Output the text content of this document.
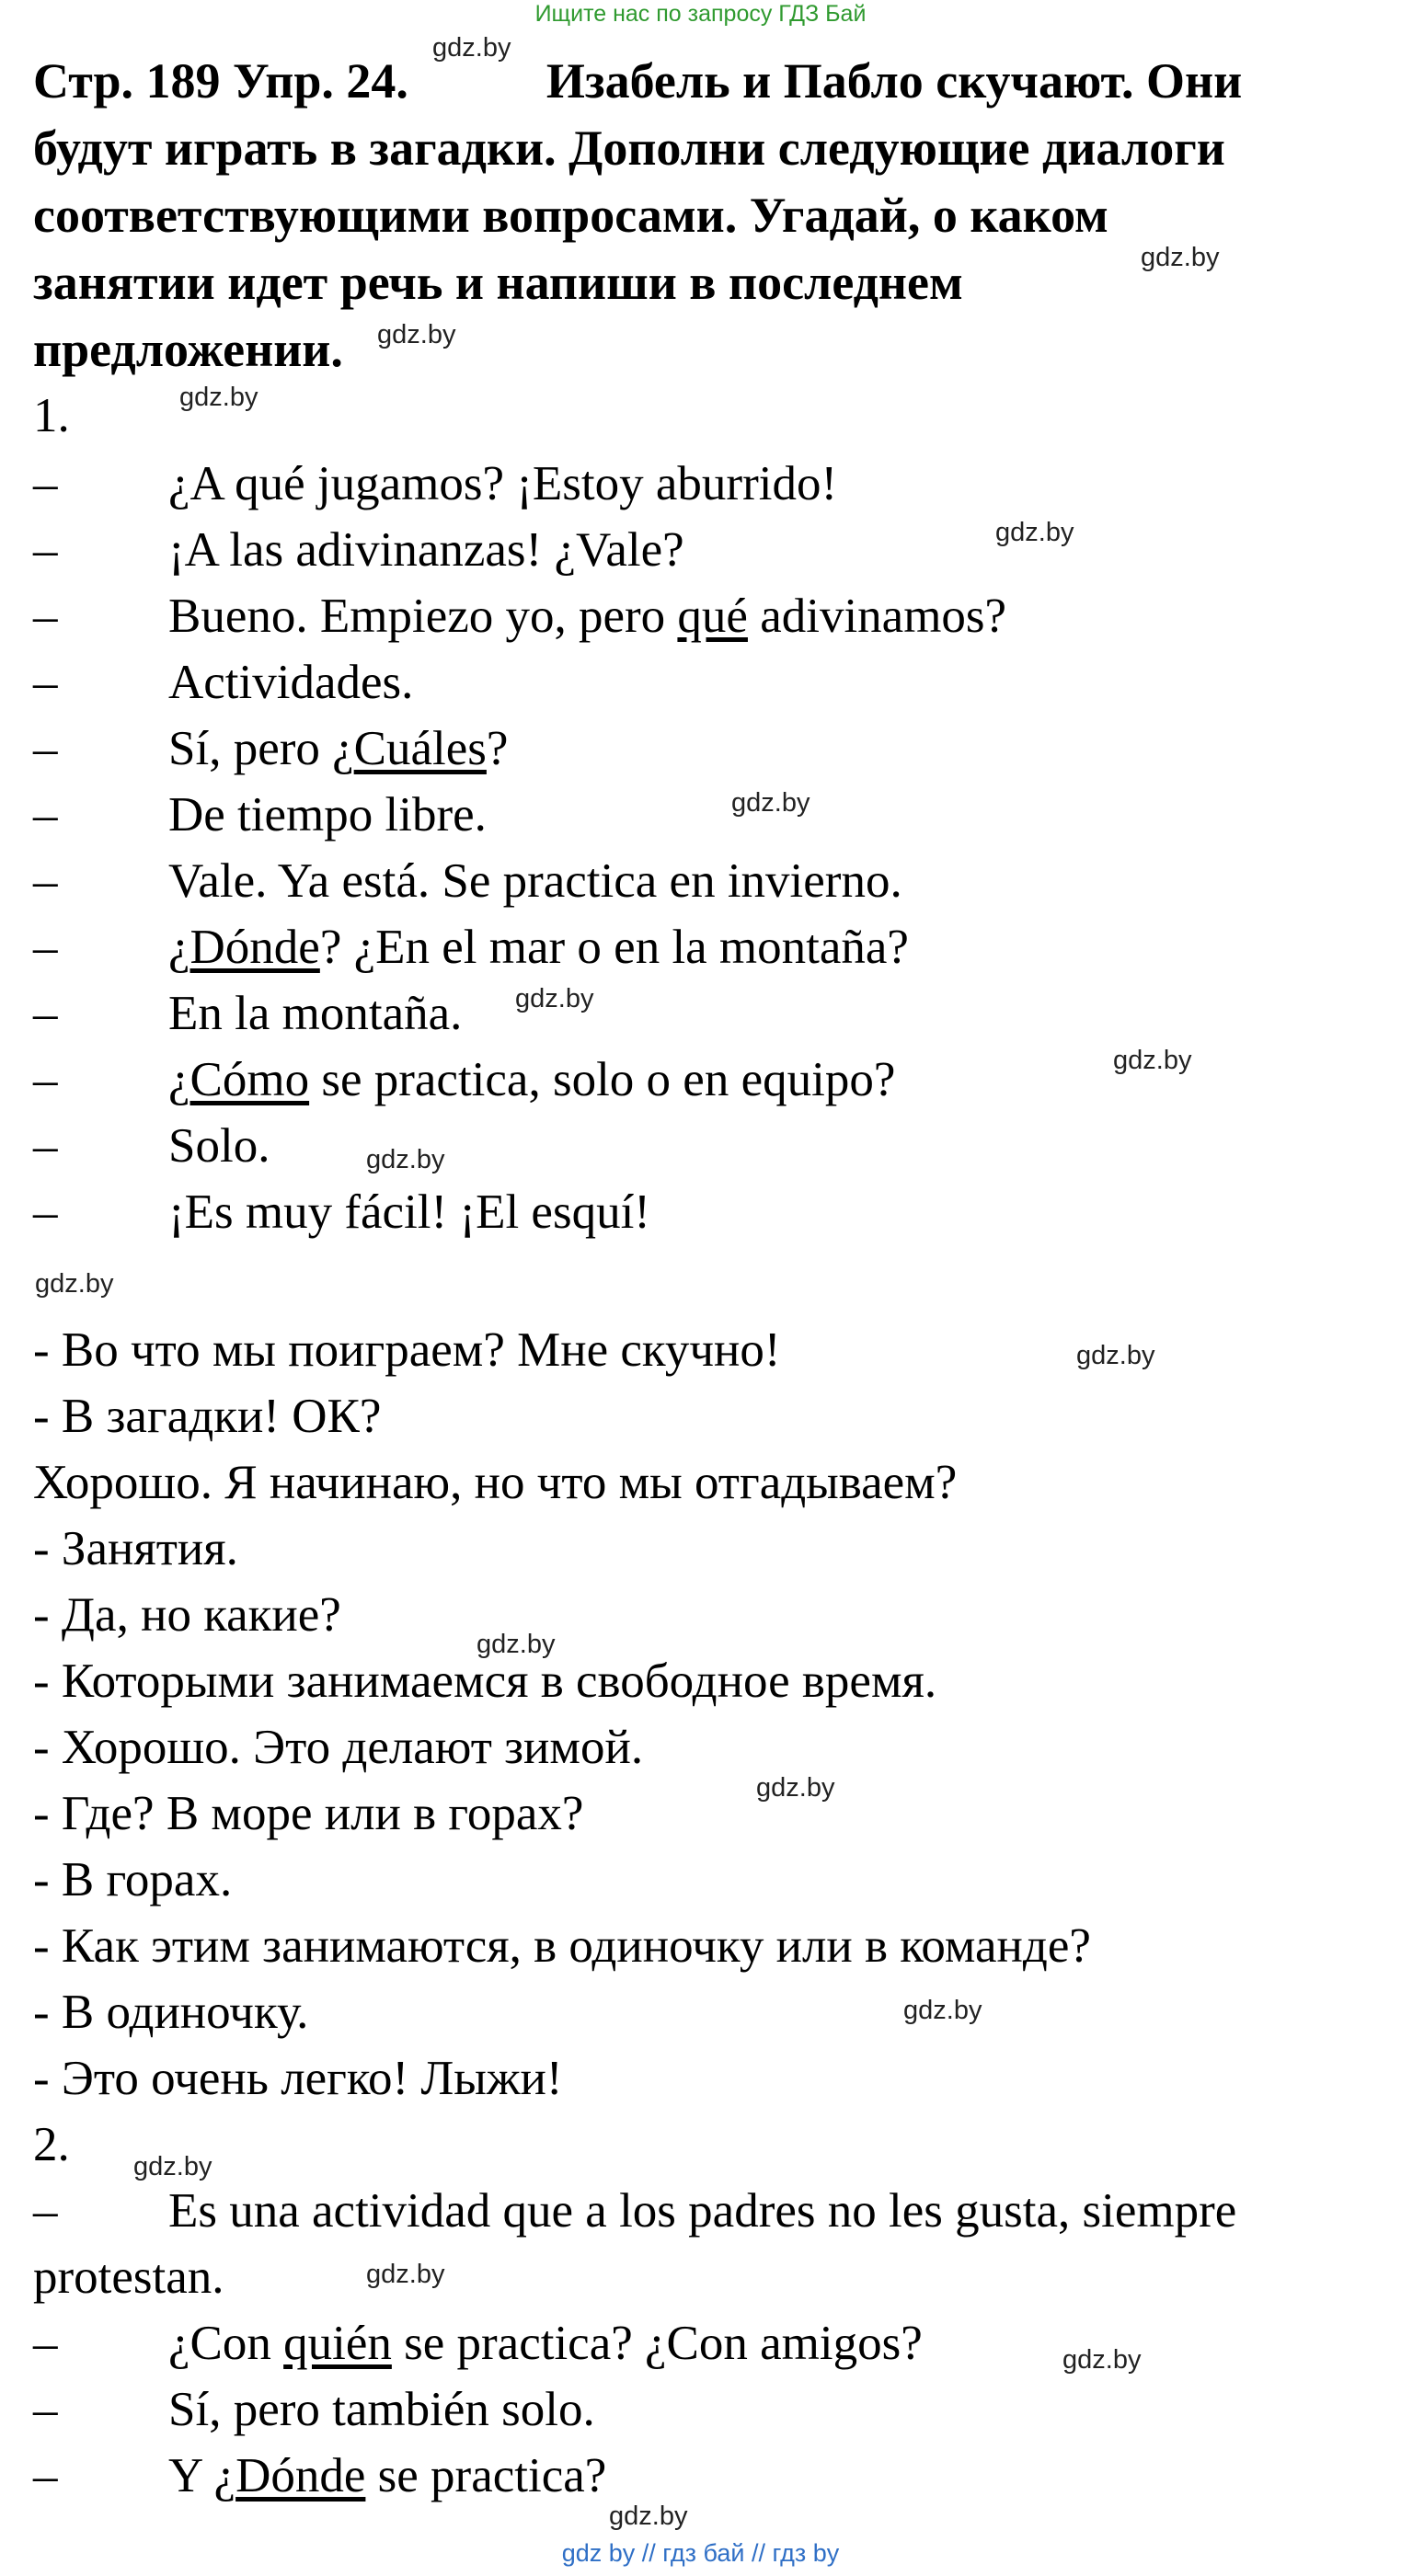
Ищите нас по запросу ГДЗ Бай
Стр. 189 Упр. 24.	Изабель и Пабло скучают. Они
будут играть в загадки. Дополни следующие диалоги
соответствующими вопросами. Угадай, о каком
занятии идет речь и напиши в последнем
предложении.
1.
– ¿A qué jugamos? ¡Estoy aburrido!
– ¡A las adivinanzas! ¿Vale?
– Bueno. Empiezo yo, pero qué adivinamos?
– Actividades.
– Sí, pero ¿Cuáles?
– De tiempo libre.
– Vale. Ya está. Se practica en invierno.
– ¿Dónde? ¿En el mar o en la montaña?
– En la montaña.
– ¿Cómo se practica, solo o en equipo?
– Solo.
– ¡Es muy fácil! ¡El esquí!
- Во что мы поиграем? Мне скучно!
- В загадки! ОК?
Хорошо. Я начинаю, но что мы отгадываем?
- Занятия.
- Да, но какие?
- Которыми занимаемся в свободное время.
- Хорошо. Это делают зимой.
- Где? В море или в горах?
- В горах.
- Как этим занимаются, в одиночку или в команде?
- В одиночку.
- Это очень легко! Лыжи!
2.
– Es una actividad que a los padres no les gusta, siempre
protestan.
– ¿Con quién se practica? ¿Con amigos?
– Sí, pero también solo.
– Y ¿Dónde se practica?
gdz.by
gdz.by
gdz.by
gdz.by
gdz.by
gdz.by
gdz.by
gdz.by
gdz.by
gdz.by
gdz.by
gdz.by
gdz.by
gdz.by
gdz.by
gdz.by
gdz.by
gdz.by
gdz by // гдз бай // гдз by
